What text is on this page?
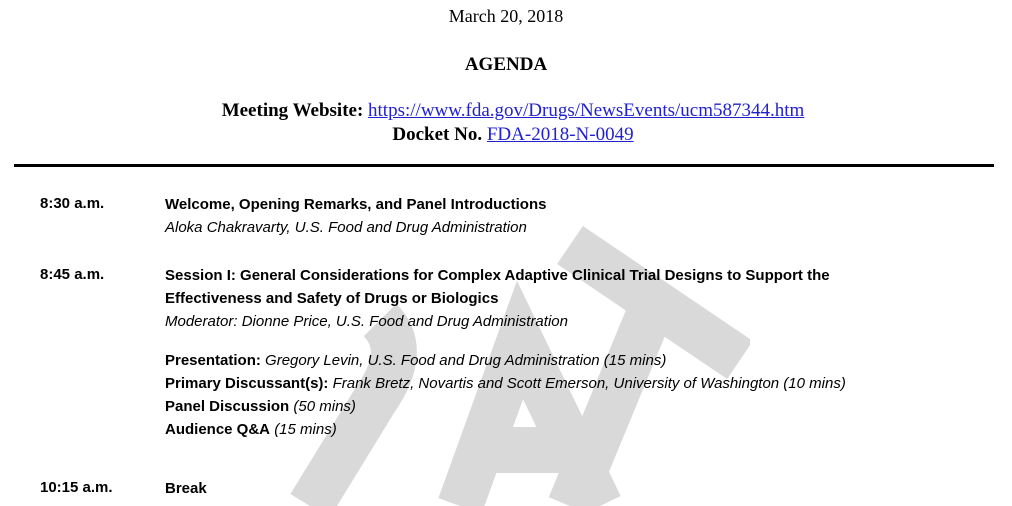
March 20, 2018
AGENDA
Meeting Website: https://www.fda.gov/Drugs/NewsEvents/ucm587344.htm
Docket No. FDA-2018-N-0049
8:30 a.m.	Welcome, Opening Remarks, and Panel Introductions
Aloka Chakravarty, U.S. Food and Drug Administration
8:45 a.m.	Session I: General Considerations for Complex Adaptive Clinical Trial Designs to Support the
Effectiveness and Safety of Drugs or Biologics
Moderator: Dionne Price, U.S. Food and Drug Administration
Presentation: Gregory Levin, U.S. Food and Drug Administration (15 mins)
Primary Discussant(s): Frank Bretz, Novartis and Scott Emerson, University of Washington (10 mins)
Panel Discussion (50 mins)
Audience Q&A (15 mins)
10:15 a.m.	Break
